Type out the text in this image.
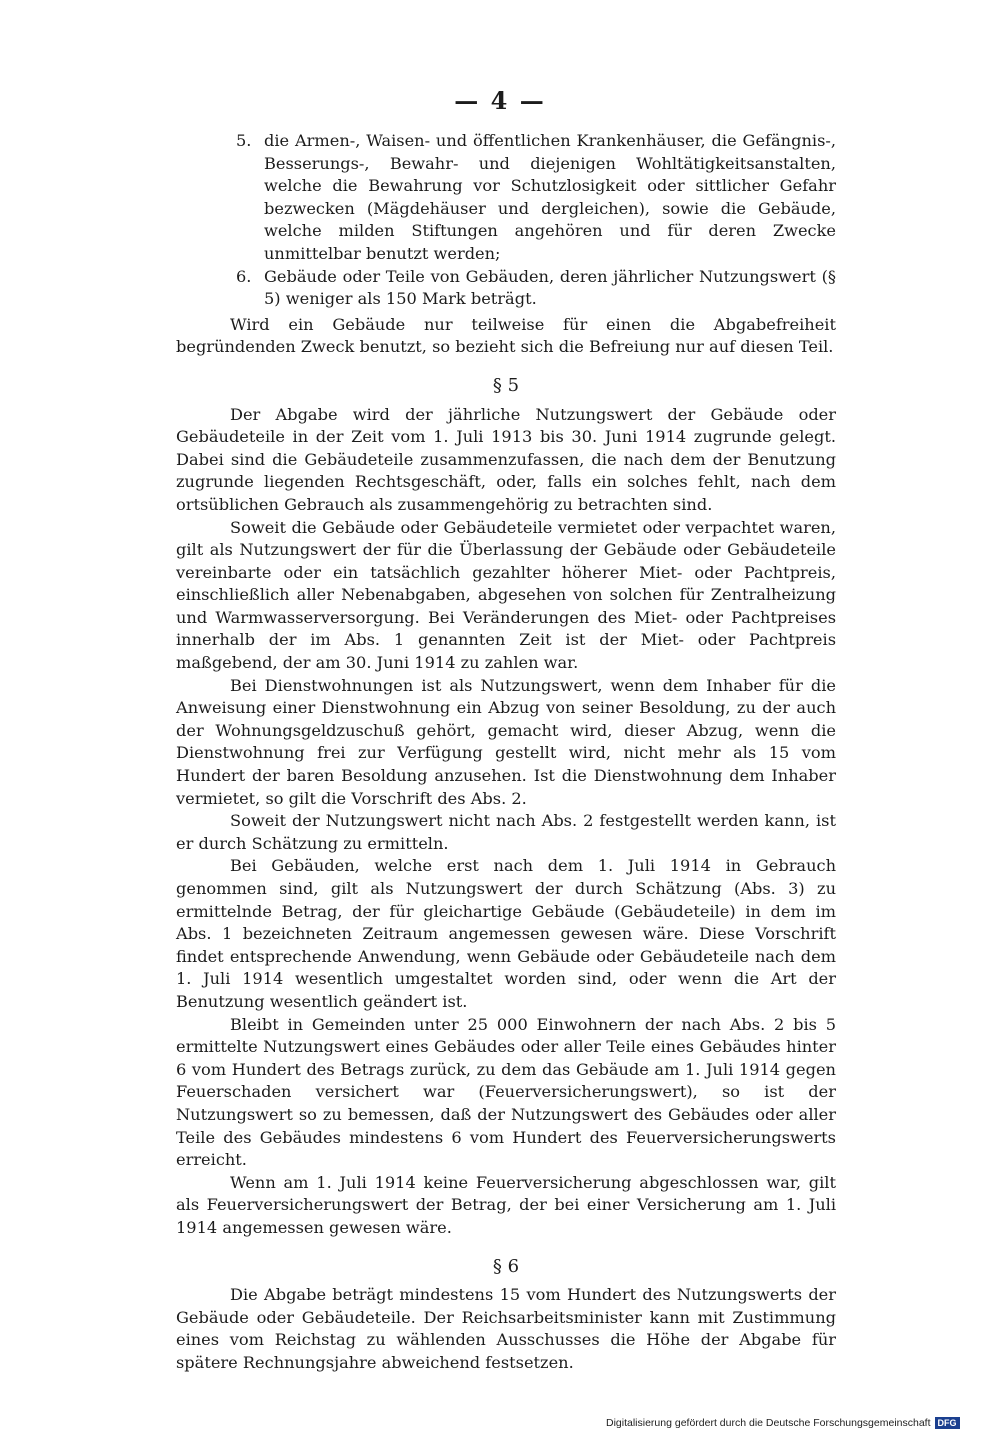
— 4 —
5. die Armen-, Waisen- und öffentlichen Krankenhäuser, die Gefängnis-, Besserungs-, Bewahr- und diejenigen Wohltätigkeitsanstalten, welche die Bewahrung vor Schutzlosigkeit oder sittlicher Gefahr bezwecken (Mägdehäuser und dergleichen), sowie die Gebäude, welche milden Stiftungen angehören und für deren Zwecke unmittelbar benutzt werden;
6. Gebäude oder Teile von Gebäuden, deren jährlicher Nutzungswert (§ 5) weniger als 150 Mark beträgt.

Wird ein Gebäude nur teilweise für einen die Abgabefreiheit begründenden Zweck benutzt, so bezieht sich die Befreiung nur auf diesen Teil.

§ 5

Der Abgabe wird der jährliche Nutzungswert der Gebäude oder Gebäudeteile in der Zeit vom 1. Juli 1913 bis 30. Juni 1914 zugrunde gelegt. Dabei sind die Gebäudeteile zusammenzufassen, die nach dem der Benutzung zugrunde liegenden Rechtsgeschäft, oder, falls ein solches fehlt, nach dem ortsüblichen Gebrauch als zusammengehörig zu betrachten sind.

Soweit die Gebäude oder Gebäudeteile vermietet oder verpachtet waren, gilt als Nutzungswert der für die Überlassung der Gebäude oder Gebäudeteile vereinbarte oder ein tatsächlich gezahlter höherer Miet- oder Pachtpreis, einschließlich aller Nebenabgaben, abgesehen von solchen für Zentralheizung und Warmwasserversorgung. Bei Veränderungen des Miet- oder Pachtpreises innerhalb der im Abs. 1 genannten Zeit ist der Miet- oder Pachtpreis maßgebend, der am 30. Juni 1914 zu zahlen war.

Bei Dienstwohnungen ist als Nutzungswert, wenn dem Inhaber für die Anweisung einer Dienstwohnung ein Abzug von seiner Besoldung, zu der auch der Wohnungsgeldzuschuß gehört, gemacht wird, dieser Abzug, wenn die Dienstwohnung frei zur Verfügung gestellt wird, nicht mehr als 15 vom Hundert der baren Besoldung anzusehen. Ist die Dienstwohnung dem Inhaber vermietet, so gilt die Vorschrift des Abs. 2.

Soweit der Nutzungswert nicht nach Abs. 2 festgestellt werden kann, ist er durch Schätzung zu ermitteln.

Bei Gebäuden, welche erst nach dem 1. Juli 1914 in Gebrauch genommen sind, gilt als Nutzungswert der durch Schätzung (Abs. 3) zu ermittelnde Betrag, der für gleichartige Gebäude (Gebäudeteile) in dem im Abs. 1 bezeichneten Zeitraum angemessen gewesen wäre. Diese Vorschrift findet entsprechende Anwendung, wenn Gebäude oder Gebäudeteile nach dem 1. Juli 1914 wesentlich umgestaltet worden sind, oder wenn die Art der Benutzung wesentlich geändert ist.

Bleibt in Gemeinden unter 25 000 Einwohnern der nach Abs. 2 bis 5 ermittelte Nutzungswert eines Gebäudes oder aller Teile eines Gebäudes hinter 6 vom Hundert des Betrags zurück, zu dem das Gebäude am 1. Juli 1914 gegen Feuerschaden versichert war (Feuerversicherungswert), so ist der Nutzungswert so zu bemessen, daß der Nutzungswert des Gebäudes oder aller Teile des Gebäudes mindestens 6 vom Hundert des Feuerversicherungswerts erreicht.

Wenn am 1. Juli 1914 keine Feuerversicherung abgeschlossen war, gilt als Feuerversicherungswert der Betrag, der bei einer Versicherung am 1. Juli 1914 angemessen gewesen wäre.

§ 6

Die Abgabe beträgt mindestens 15 vom Hundert des Nutzungswerts der Gebäude oder Gebäudeteile. Der Reichsarbeitsminister kann mit Zustimmung eines vom Reichstag zu wählenden Ausschusses die Höhe der Abgabe für spätere Rechnungsjahre abweichend festsetzen.

Digitalisierung gefördert durch die Deutsche Forschungsgemeinschaft DFG
